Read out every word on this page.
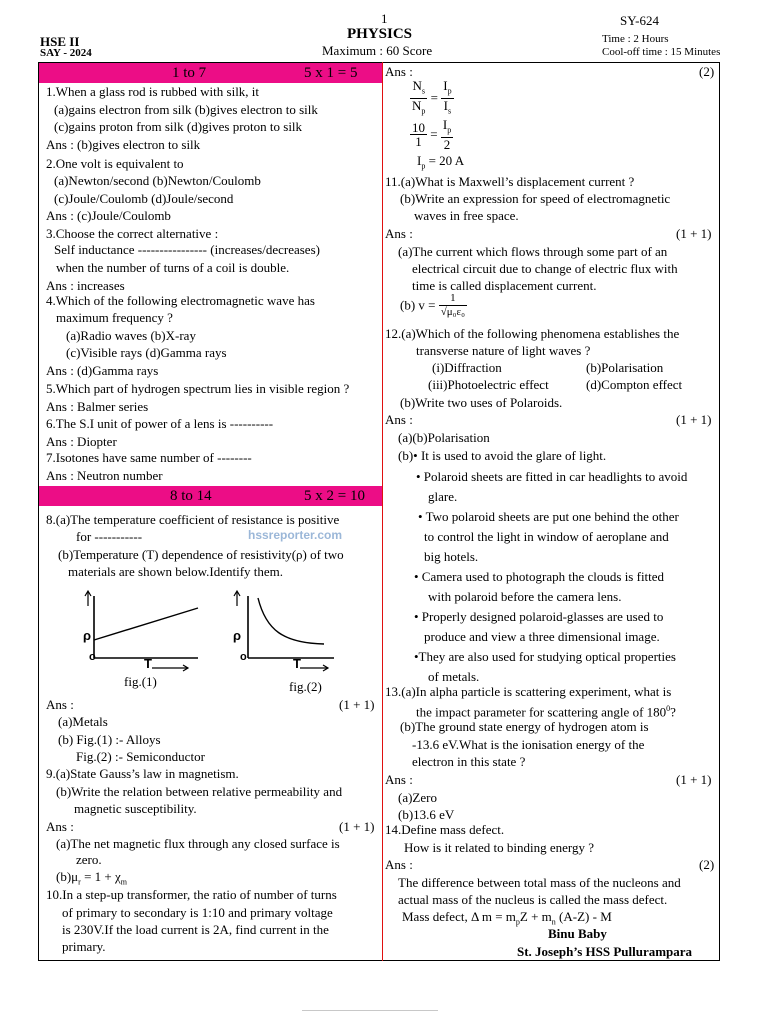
1
PHYSICS
Maximum : 60 Score
HSE II
SAY - 2024
SY-624
Time : 2 Hours
Cool-off time : 15 Minutes
1 to 7	5 x 1 = 5
1.When a glass rod is rubbed with silk, it
(a)gains electron from silk (b)gives electron to silk
(c)gains proton from silk (d)gives proton to silk
Ans : (b)gives electron to silk
2.One volt is equivalent to
(a)Newton/second (b)Newton/Coulomb
(c)Joule/Coulomb (d)Joule/second
Ans : (c)Joule/Coulomb
3.Choose the correct alternative :
Self inductance ---------------- (increases/decreases)
when the number of turns of a coil is double.
Ans : increases
4.Which of the following electromagnetic wave has
maximum frequency ?
(a)Radio waves (b)X-ray
(c)Visible rays (d)Gamma rays
Ans : (d)Gamma rays
5.Which part of hydrogen spectrum lies in visible region ?
Ans : Balmer series
6.The S.I unit of power of a lens is ----------
Ans : Diopter
7.Isotones have same number of --------
Ans : Neutron number
8 to 14	5 x 2 = 10
8.(a)The temperature coefficient of resistance is positive
for -----------	hssreporter.com
(b)Temperature (T) dependence of resistivity(ρ) of two
materials are shown below.Identify them.
ρ
o	T
fig.(1)
ρ
o	T
fig.(2)
Ans :	(1 + 1)
(a)Metals
(b) Fig.(1) :- Alloys
Fig.(2) :- Semiconductor
9.(a)State Gauss’s law in magnetism.
(b)Write the relation between relative permeability and
magnetic susceptibility.
Ans :	(1 + 1)
(a)The net magnetic flux through any closed surface is
zero.
$(b)\mu_r = 1 + \chi_m$
10.In a step-up transformer, the ratio of number of turns
of primary to secondary is 1:10 and primary voltage
is 230V.If the load current is 2A, find current in the
primary.
Ans :	(2)
$\frac{N_s}{N_p} = \frac{I_p}{I_s}$
$\frac{10}{1} = \frac{I_p}{2}$
$I_p = 20$ A
11.(a)What is Maxwell’s displacement current ?
(b)Write an expression for speed of electromagnetic
waves in free space.
Ans :	(1 + 1)
(a)The current which flows through some part of an
electrical circuit due to change of electric flux with
time is called displacement current.
(b) $v = \frac{1}{\text{√μ₀ε₀}}$
12.(a)Which of the following phenomena establishes the
transverse nature of light waves ?
(i)Diffraction	(b)Polarisation
(iii)Photoelectric effect	(d)Compton effect
(b)Write two uses of Polaroids.
Ans :	(1 + 1)
(a)(b)Polarisation
(b)• It is used to avoid the glare of light.
• Polaroid sheets are fitted in car headlights to avoid
glare.
• Two polaroid sheets are put one behind the other
to control the light in window of aeroplane and
big hotels.
• Camera used to photograph the clouds is fitted
with polaroid before the camera lens.
• Properly designed polaroid-glasses are used to
produce and view a three dimensional image.
•They are also used for studying optical properties
of metals.
13.(a)In alpha particle is scattering experiment, what is
the impact parameter for scattering angle of $180^0$?
(b)The ground state energy of hydrogen atom is
-13.6 eV.What is the ionisation energy of the
electron in this state ?
Ans :	(1 + 1)
(a)Zero
(b)13.6 eV
14.Define mass defect.
How is it related to binding energy ?
Ans :	(2)
The difference between total mass of the nucleons and
actual mass of the nucleus is called the mass defect.
Mass defect, Δ $m = m_pZ + m_n$ (A-Z) - M
Binu Baby
St. Joseph’s HSS Pullurampara
